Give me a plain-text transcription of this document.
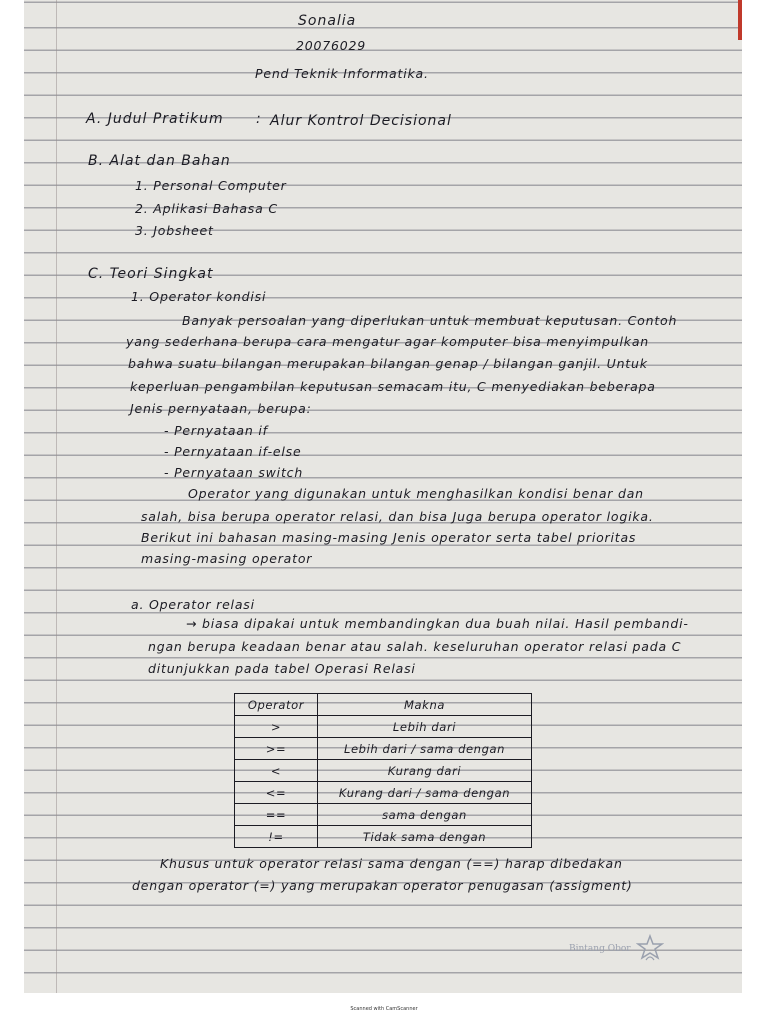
Sonalia

20076029

Pend Teknik Informatika.

A. Judul Pratikum : Alur Kontrol Decisional

B. Alat dan Bahan

1. Personal Computer

2. Aplikasi Bahasa C

3. Jobsheet

C. Teori Singkat

1. Operator kondisi

Banyak persoalan yang diperlukan untuk membuat keputusan. Contoh

yang sederhana berupa cara mengatur agar komputer bisa menyimpulkan

bahwa suatu bilangan merupakan bilangan genap / bilangan ganjil. Untuk

keperluan pengambilan keputusan semacam itu, C menyediakan beberapa

Jenis pernyataan, berupa:

- Pernyataan if

- Pernyataan if-else

- Pernyataan switch

Operator yang digunakan untuk menghasilkan kondisi benar dan

salah, bisa berupa operator relasi, dan bisa Juga berupa operator logika.

Berikut ini bahasan masing-masing Jenis operator serta tabel prioritas

masing-masing operator

a. Operator relasi

→ biasa dipakai untuk membandingkan dua buah nilai. Hasil pembandi-

ngan berupa keadaan benar atau salah. keseluruhan operator relasi pada C

ditunjukkan pada tabel Operasi Relasi

Operator	Makna
>	Lebih dari
>=	Lebih dari / sama dengan
<	Kurang dari
<=	Kurang dari / sama dengan
==	sama dengan
!=	Tidak sama dengan

Khusus untuk operator relasi sama dengan (==) harap dibedakan

dengan operator (=) yang merupakan operator penugasan (assigment)

Bintang Obor
Scanned with CamScanner
